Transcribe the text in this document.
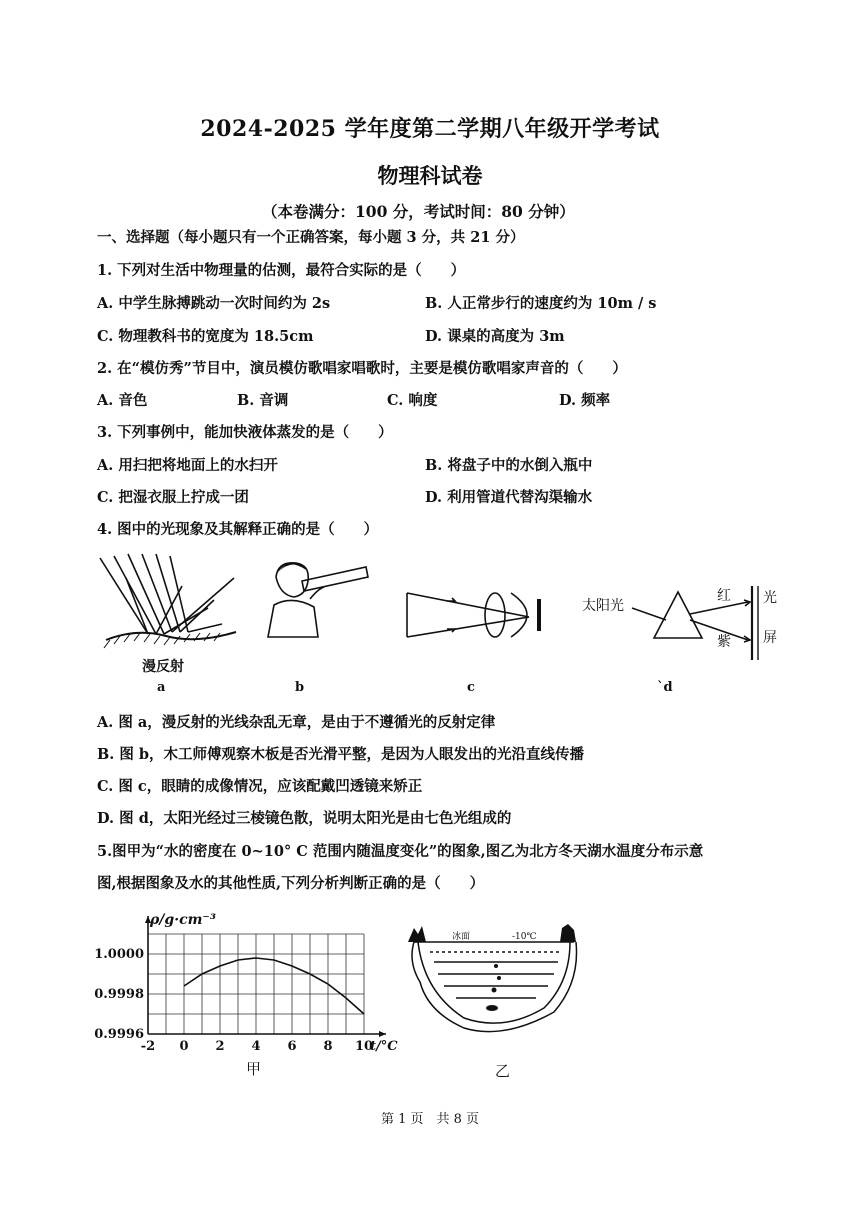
2024-2025 学年度第二学期八年级开学考试
物理科试卷
（本卷满分：100 分，考试时间：80 分钟）
一、选择题（每小题只有一个正确答案，每小题 3 分，共 21 分）
1. 下列对生活中物理量的估测，最符合实际的是（　　）
A. 中学生脉搏跳动一次时间约为 2s	B. 人正常步行的速度约为 10m / s
C. 物理教科书的宽度为 18.5cm	D. 课桌的高度为 3m
2. 在“模仿秀”节目中，演员模仿歌唱家唱歌时，主要是模仿歌唱家声音的（　　）
A. 音色	B. 音调	C. 响度	D. 频率
3. 下列事例中，能加快液体蒸发的是（　　）
A. 用扫把将地面上的水扫开	B. 将盘子中的水倒入瓶中
C. 把湿衣服上拧成一团	D. 利用管道代替沟渠输水
4. 图中的光现象及其解释正确的是（　　）
漫反射
太阳光
红
紫
光
屏
a	b	c	`d
A. 图 a，漫反射的光线杂乱无章，是由于不遵循光的反射定律
B. 图 b，木工师傅观察木板是否光滑平整，是因为人眼发出的光沿直线传播
C. 图 c，眼睛的成像情况，应该配戴凹透镜来矫正
D. 图 d，太阳光经过三棱镜色散，说明太阳光是由七色光组成的
5.图甲为“水的密度在 0~10° C 范围内随温度变化”的图象,图乙为北方冬天湖水温度分布示意
图,根据图象及水的其他性质,下列分析判断正确的是（　　）
-2 0 2 4 6 8 10
0.9996
0.9998
1.0000
ρ/g·cm⁻³
t/°C
甲
冰面	-10℃
乙
第 1 页　共 8 页
